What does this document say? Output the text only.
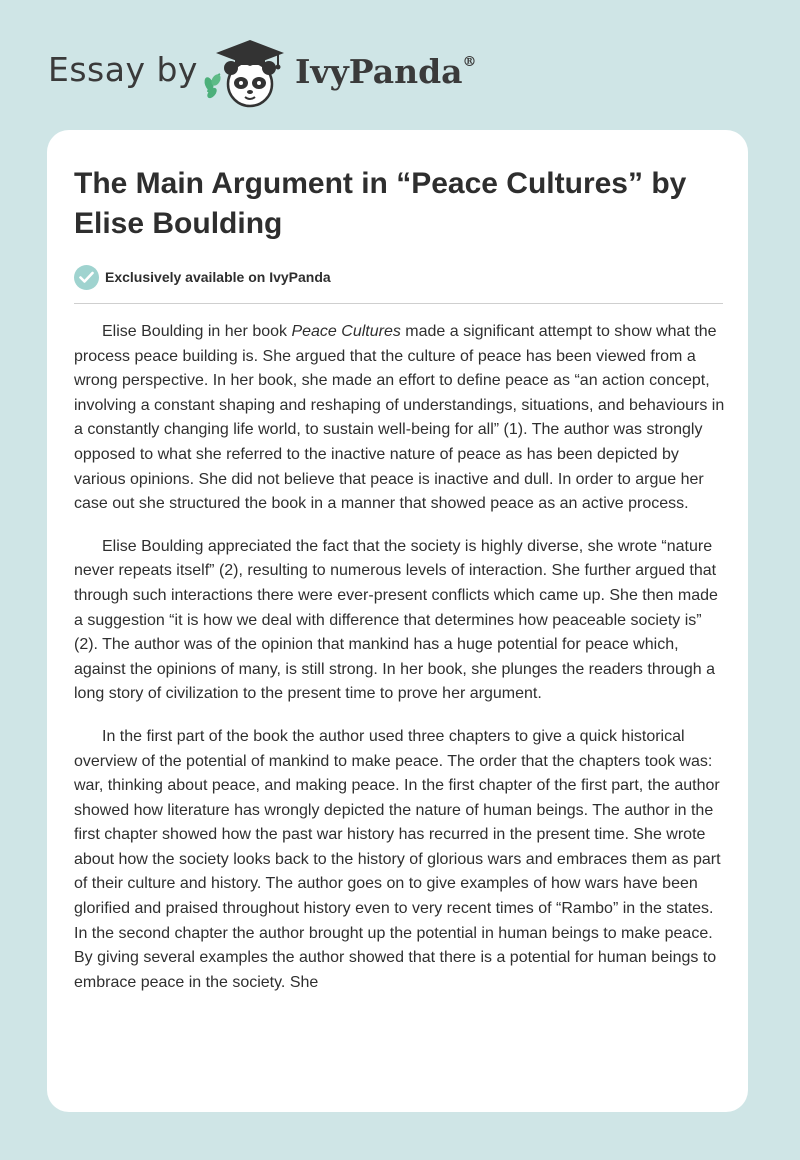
Essay by	IvyPanda®
The Main Argument in “Peace Cultures” by Elise Boulding
Exclusively available on IvyPanda

Elise Boulding in her book Peace Cultures made a significant attempt to show what the process peace building is. She argued that the culture of peace has been viewed from a wrong perspective. In her book, she made an effort to define peace as “an action concept, involving a constant shaping and reshaping of understandings, situations, and behaviours in a constantly changing life world, to sustain well-being for all” (1). The author was strongly opposed to what she referred to the inactive nature of peace as has been depicted by various opinions. She did not believe that peace is inactive and dull. In order to argue her case out she structured the book in a manner that showed peace as an active process.

Elise Boulding appreciated the fact that the society is highly diverse, she wrote “nature never repeats itself” (2), resulting to numerous levels of interaction. She further argued that through such interactions there were ever-present conflicts which came up. She then made a suggestion “it is how we deal with difference that determines how peaceable society is” (2). The author was of the opinion that mankind has a huge potential for peace which, against the opinions of many, is still strong. In her book, she plunges the readers through a long story of civilization to the present time to prove her argument.

In the first part of the book the author used three chapters to give a quick historical overview of the potential of mankind to make peace. The order that the chapters took was: war, thinking about peace, and making peace. In the first chapter of the first part, the author showed how literature has wrongly depicted the nature of human beings. The author in the first chapter showed how the past war history has recurred in the present time. She wrote about how the society looks back to the history of glorious wars and embraces them as part of their culture and history. The author goes on to give examples of how wars have been glorified and praised throughout history even to very recent times of “Rambo” in the states. In the second chapter the author brought up the potential in human beings to make peace. By giving several examples the author showed that there is a potential for human beings to embrace peace in the society. She
